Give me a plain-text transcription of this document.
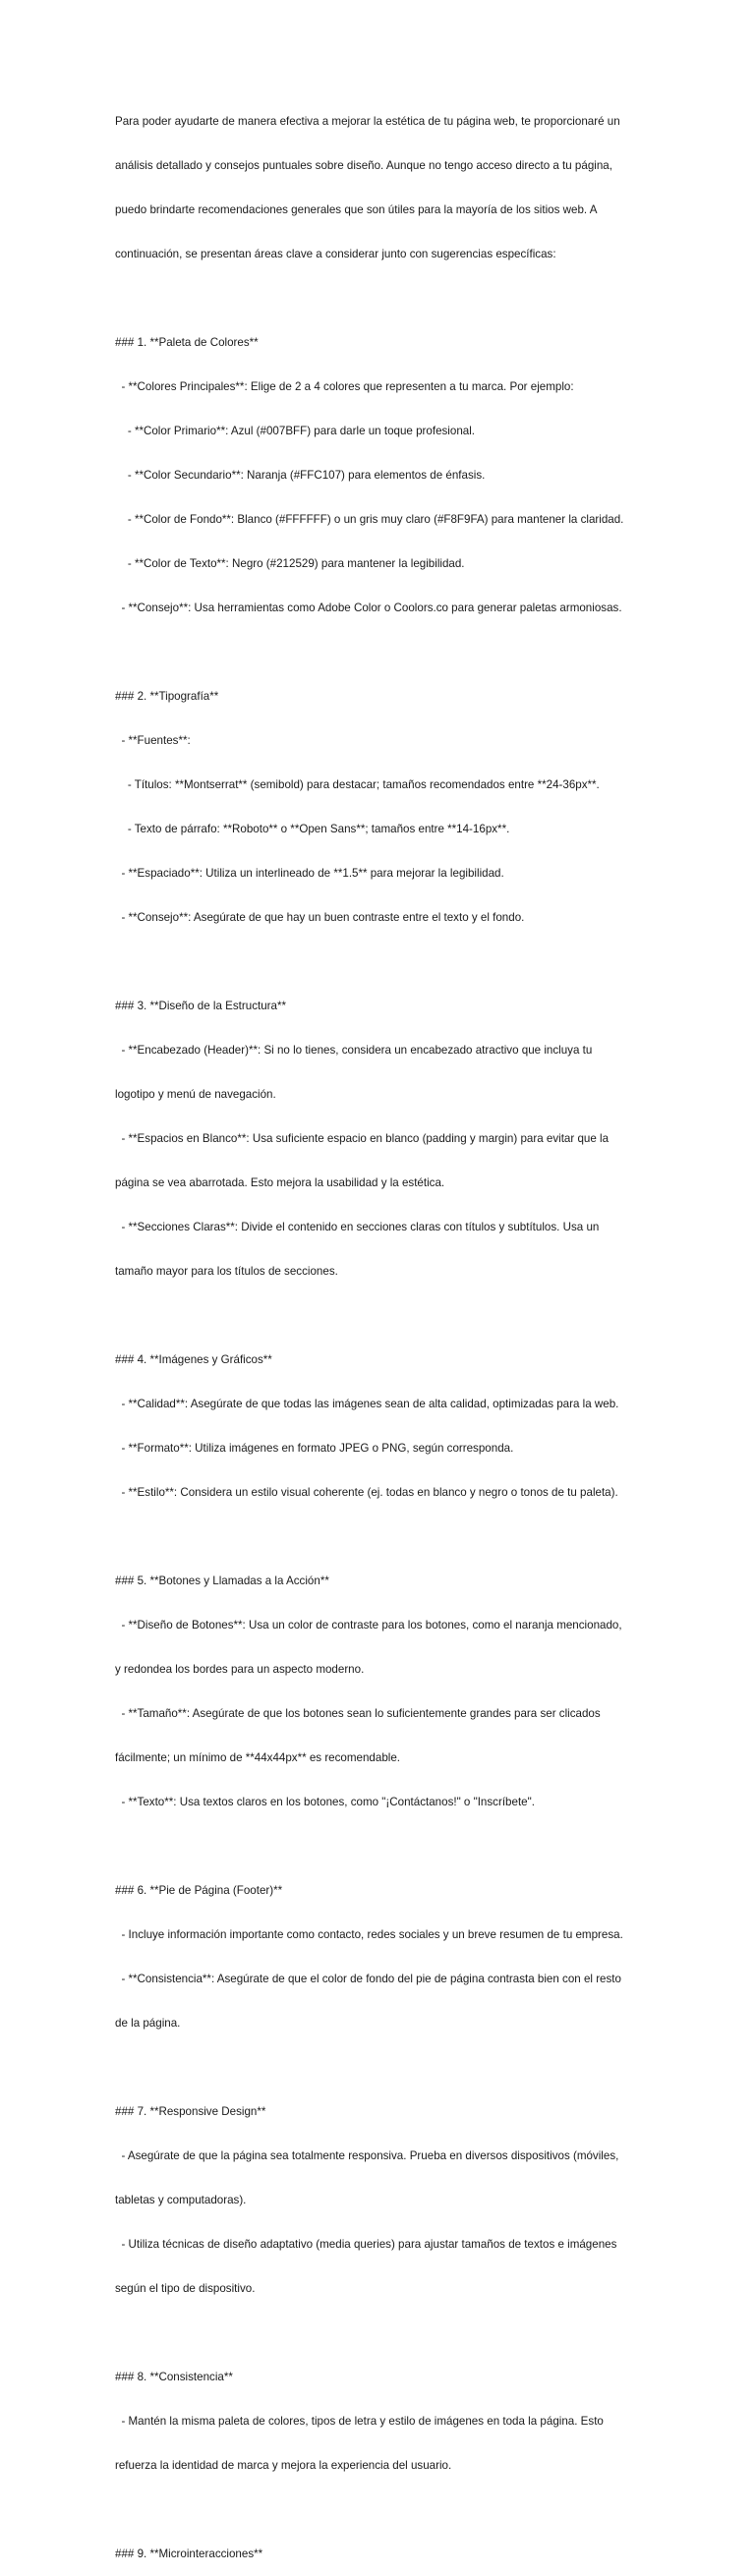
Para poder ayudarte de manera efectiva a mejorar la estética de tu página web, te proporcionaré un

análisis detallado y consejos puntuales sobre diseño. Aunque no tengo acceso directo a tu página,

puedo brindarte recomendaciones generales que son útiles para la mayoría de los sitios web. A

continuación, se presentan áreas clave a considerar junto con sugerencias específicas:

### 1. **Paleta de Colores**

- **Colores Principales**: Elige de 2 a 4 colores que representen a tu marca. Por ejemplo:

- **Color Primario**: Azul (#007BFF) para darle un toque profesional.

- **Color Secundario**: Naranja (#FFC107) para elementos de énfasis.

- **Color de Fondo**: Blanco (#FFFFFF) o un gris muy claro (#F8F9FA) para mantener la claridad.

- **Color de Texto**: Negro (#212529) para mantener la legibilidad.

- **Consejo**: Usa herramientas como Adobe Color o Coolors.co para generar paletas armoniosas.

### 2. **Tipografía**

- **Fuentes**:

- Títulos: **Montserrat** (semibold) para destacar; tamaños recomendados entre **24-36px**.

- Texto de párrafo: **Roboto** o **Open Sans**; tamaños entre **14-16px**.

- **Espaciado**: Utiliza un interlineado de **1.5** para mejorar la legibilidad.

- **Consejo**: Asegúrate de que hay un buen contraste entre el texto y el fondo.

### 3. **Diseño de la Estructura**

- **Encabezado (Header)**: Si no lo tienes, considera un encabezado atractivo que incluya tu

logotipo y menú de navegación.

- **Espacios en Blanco**: Usa suficiente espacio en blanco (padding y margin) para evitar que la

página se vea abarrotada. Esto mejora la usabilidad y la estética.

- **Secciones Claras**: Divide el contenido en secciones claras con títulos y subtítulos. Usa un

tamaño mayor para los títulos de secciones.

### 4. **Imágenes y Gráficos**

- **Calidad**: Asegúrate de que todas las imágenes sean de alta calidad, optimizadas para la web.

- **Formato**: Utiliza imágenes en formato JPEG o PNG, según corresponda.

- **Estilo**: Considera un estilo visual coherente (ej. todas en blanco y negro o tonos de tu paleta).

### 5. **Botones y Llamadas a la Acción**

- **Diseño de Botones**: Usa un color de contraste para los botones, como el naranja mencionado,

y redondea los bordes para un aspecto moderno.

- **Tamaño**: Asegúrate de que los botones sean lo suficientemente grandes para ser clicados

fácilmente; un mínimo de **44x44px** es recomendable.

- **Texto**: Usa textos claros en los botones, como "¡Contáctanos!" o "Inscríbete".

### 6. **Pie de Página (Footer)**

- Incluye información importante como contacto, redes sociales y un breve resumen de tu empresa.

- **Consistencia**: Asegúrate de que el color de fondo del pie de página contrasta bien con el resto

de la página.

### 7. **Responsive Design**

- Asegúrate de que la página sea totalmente responsiva. Prueba en diversos dispositivos (móviles,

tabletas y computadoras).

- Utiliza técnicas de diseño adaptativo (media queries) para ajustar tamaños de textos e imágenes

según el tipo de dispositivo.

### 8. **Consistencia**

- Mantén la misma paleta de colores, tipos de letra y estilo de imágenes en toda la página. Esto

refuerza la identidad de marca y mejora la experiencia del usuario.

### 9. **Microinteracciones**
